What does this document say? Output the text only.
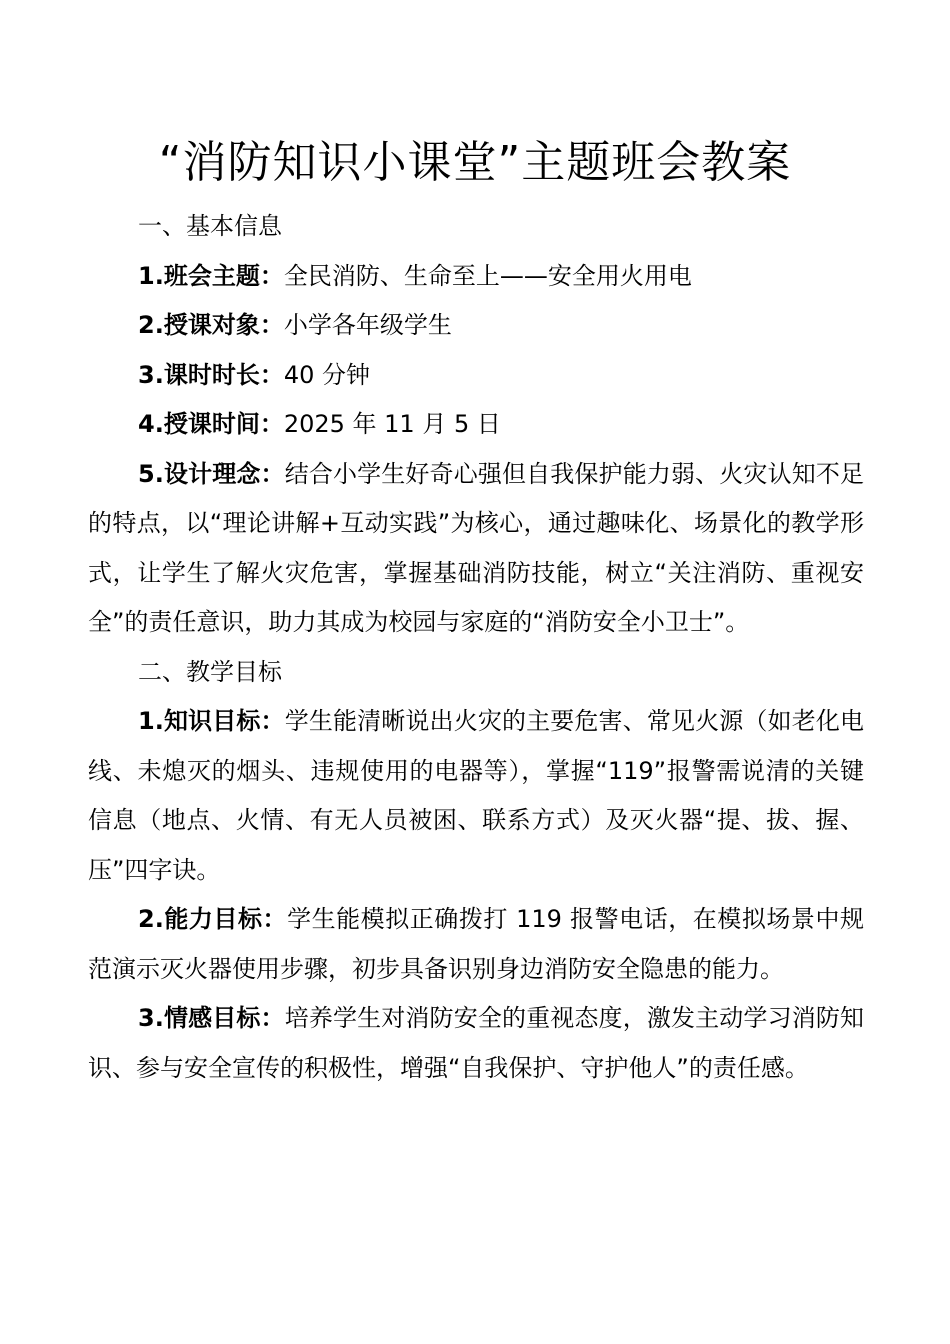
“消防知识小课堂”主题班会教案

一、基本信息

1.班会主题：全民消防、生命至上——安全用火用电

2.授课对象：小学各年级学生

3.课时时长：40 分钟

4.授课时间：2025 年 11 月 5 日

5.设计理念：结合小学生好奇心强但自我保护能力弱、火灾认知不足的特点，以“理论讲解+互动实践”为核心，通过趣味化、场景化的教学形式，让学生了解火灾危害，掌握基础消防技能，树立“关注消防、重视安全”的责任意识，助力其成为校园与家庭的“消防安全小卫士”。

二、教学目标

1.知识目标：学生能清晰说出火灾的主要危害、常见火源（如老化电线、未熄灭的烟头、违规使用的电器等），掌握“119”报警需说清的关键信息（地点、火情、有无人员被困、联系方式）及灭火器“提、拔、握、压”四字诀。

2.能力目标：学生能模拟正确拨打 119 报警电话，在模拟场景中规范演示灭火器使用步骤，初步具备识别身边消防安全隐患的能力。

3.情感目标：培养学生对消防安全的重视态度，激发主动学习消防知识、参与安全宣传的积极性，增强“自我保护、守护他人”的责任感。
